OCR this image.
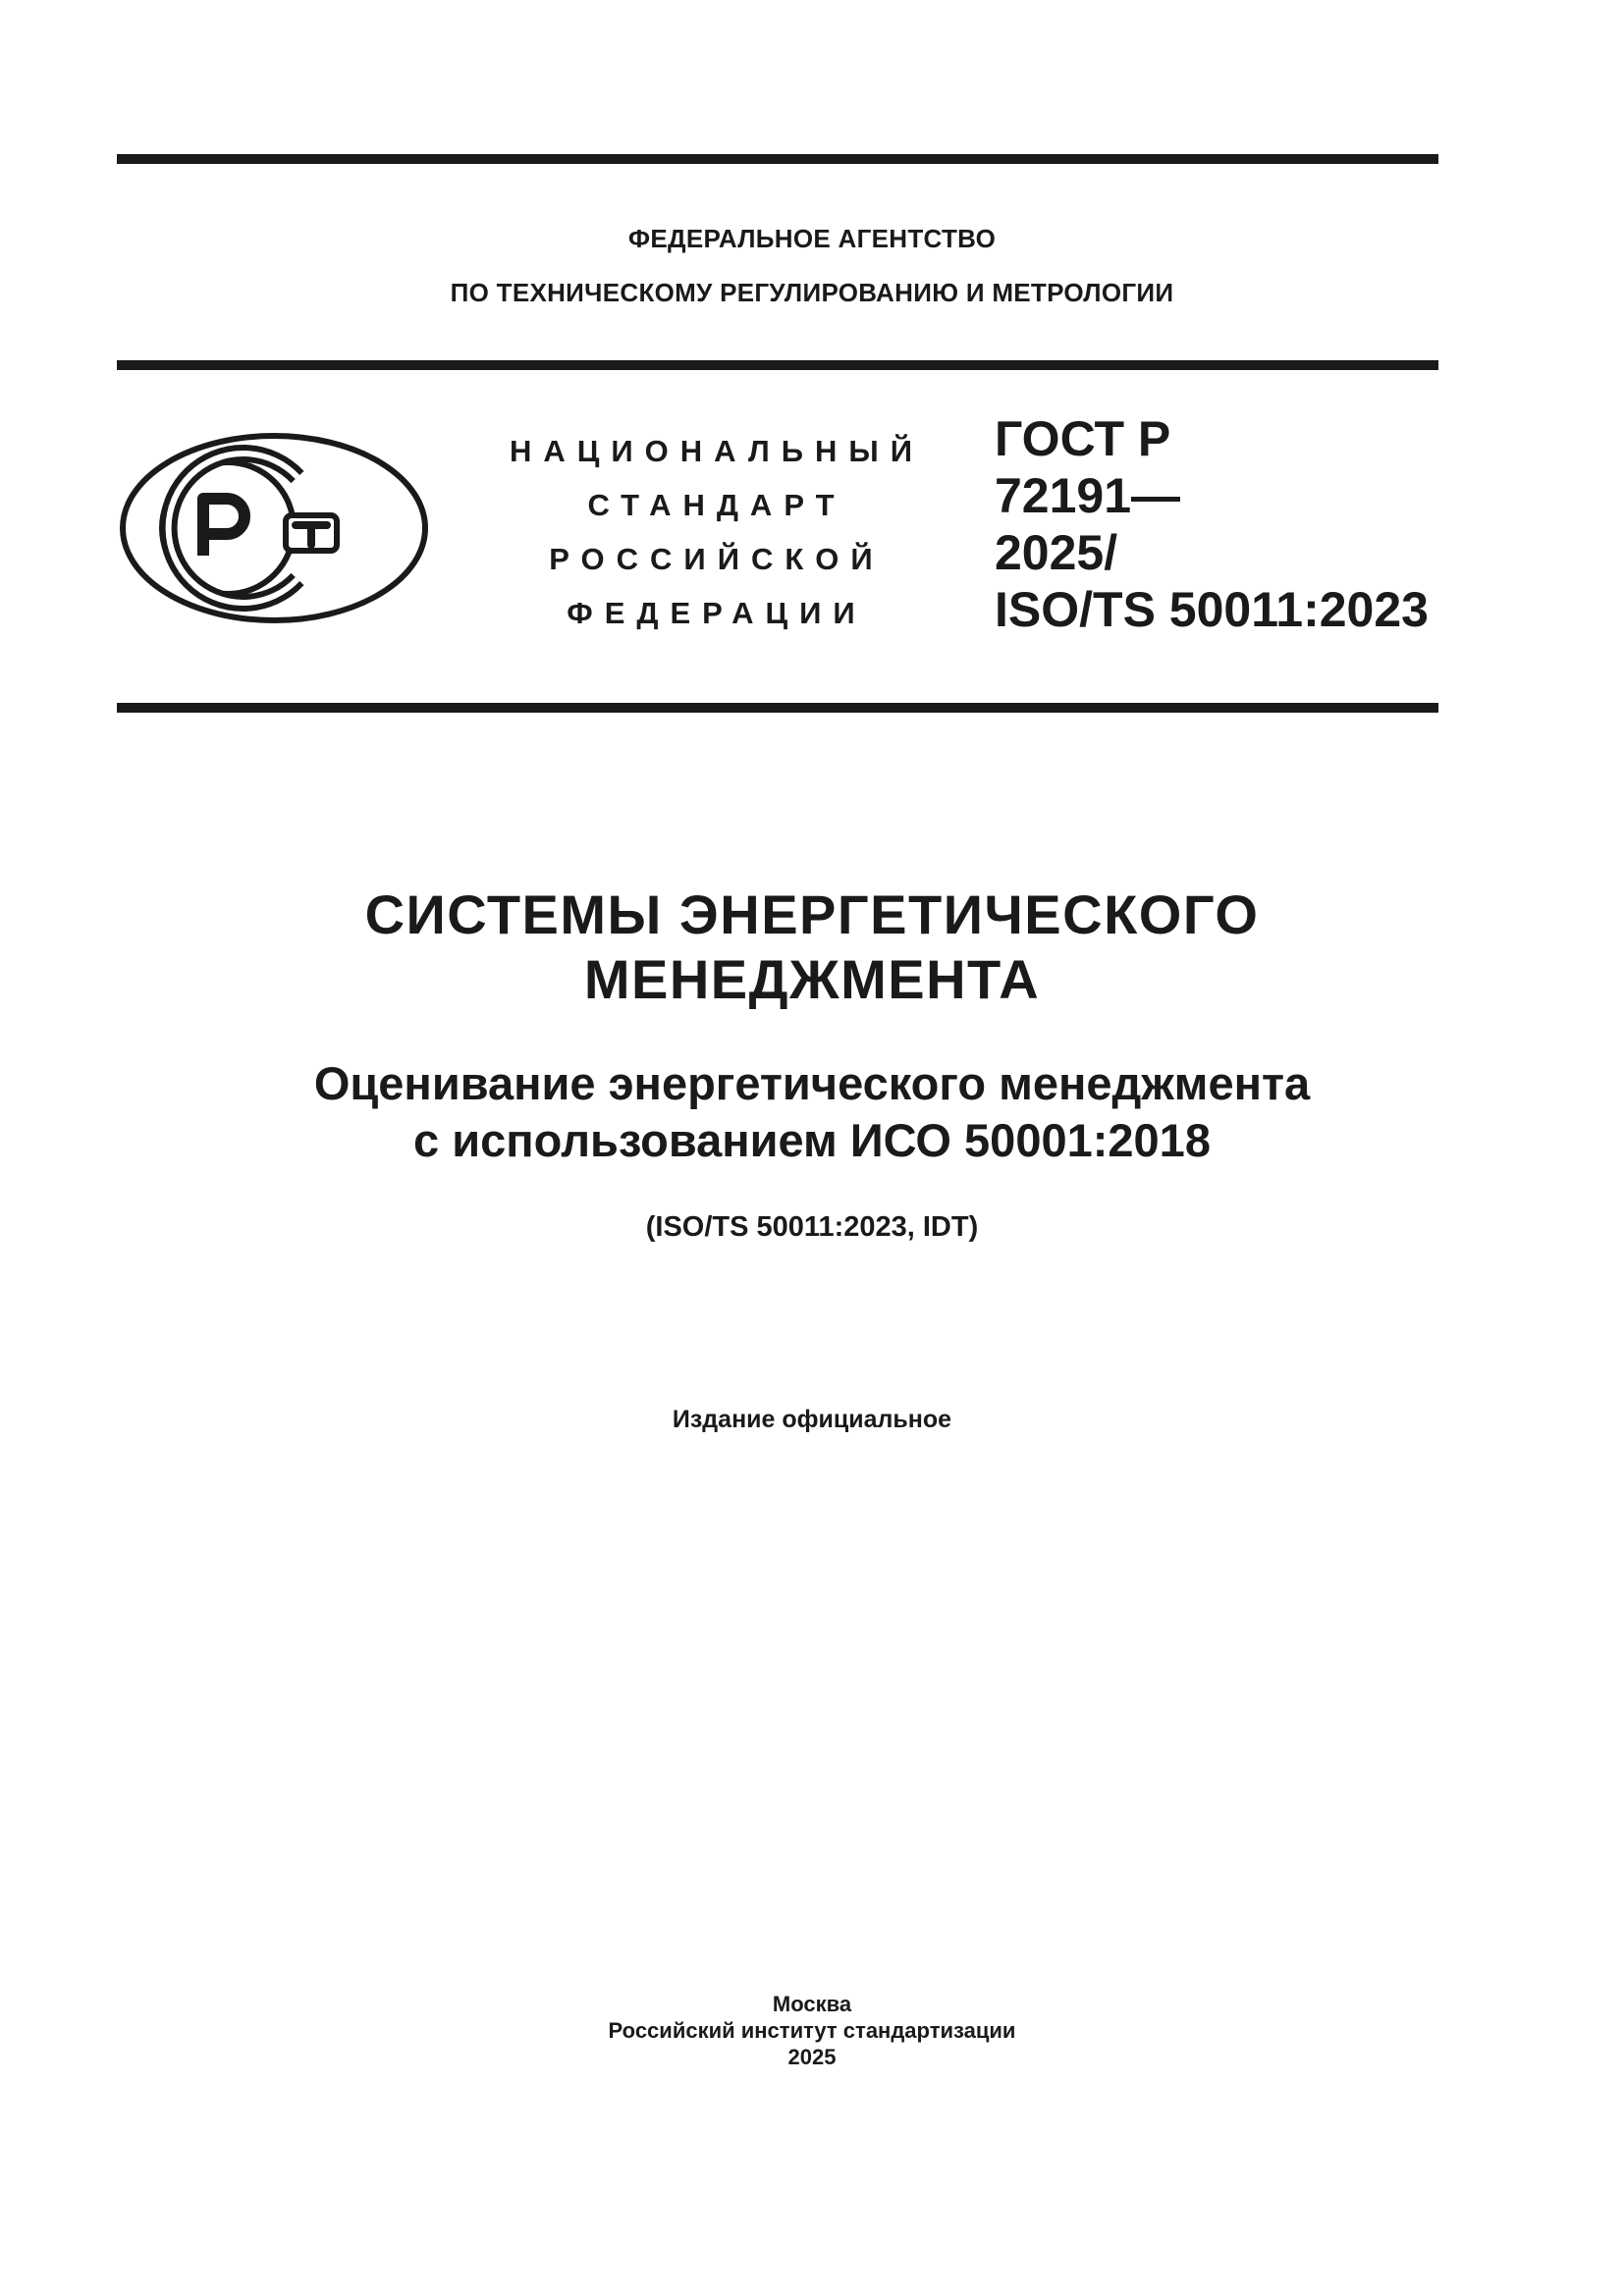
ФЕДЕРАЛЬНОЕ АГЕНТСТВО
ПО ТЕХНИЧЕСКОМУ РЕГУЛИРОВАНИЮ И МЕТРОЛОГИИ
НАЦИОНАЛЬНЫЙ
СТАНДАРТ
РОССИЙСКОЙ
ФЕДЕРАЦИИ
ГОСТ Р
72191—
2025/
ISO/TS 50011:2023
СИСТЕМЫ ЭНЕРГЕТИЧЕСКОГО
МЕНЕДЖМЕНТА
Оценивание энергетического менеджмента
с использованием ИСО 50001:2018
(ISO/TS 50011:2023, IDT)
Издание официальное
Москва
Российский институт стандартизации
2025
